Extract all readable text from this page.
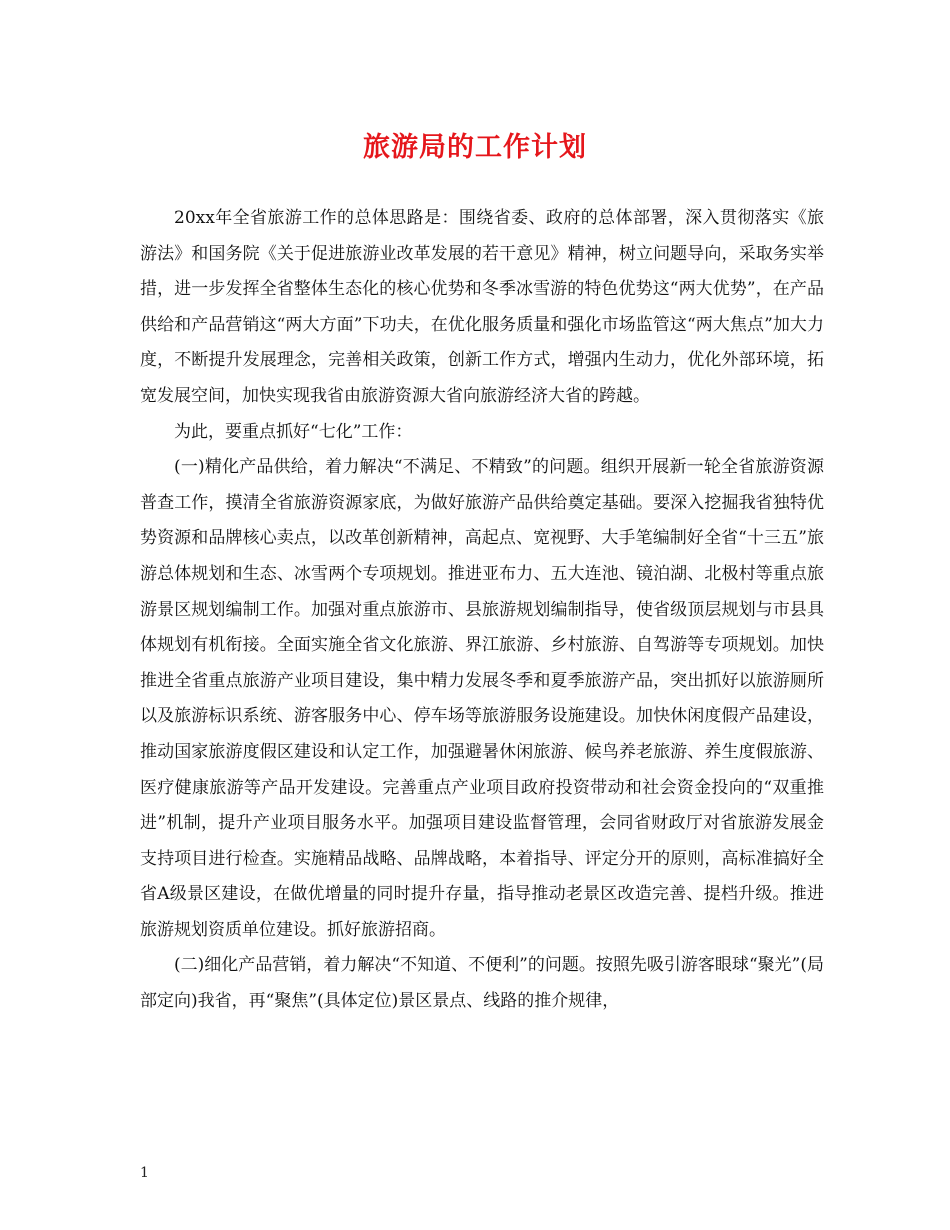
旅游局的工作计划

20xx年全省旅游工作的总体思路是：围绕省委、政府的总体部署，深入贯彻落实《旅游法》和国务院《关于促进旅游业改革发展的若干意见》精神，树立问题导向，采取务实举措，进一步发挥全省整体生态化的核心优势和冬季冰雪游的特色优势这“两大优势”，在产品供给和产品营销这“两大方面”下功夫，在优化服务质量和强化市场监管这“两大焦点”加大力度，不断提升发展理念，完善相关政策，创新工作方式，增强内生动力，优化外部环境，拓宽发展空间，加快实现我省由旅游资源大省向旅游经济大省的跨越。

为此，要重点抓好“七化”工作：

(一)精化产品供给，着力解决“不满足、不精致”的问题。组织开展新一轮全省旅游资源普查工作，摸清全省旅游资源家底，为做好旅游产品供给奠定基础。要深入挖掘我省独特优势资源和品牌核心卖点，以改革创新精神，高起点、宽视野、大手笔编制好全省“十三五”旅游总体规划和生态、冰雪两个专项规划。推进亚布力、五大连池、镜泊湖、北极村等重点旅游景区规划编制工作。加强对重点旅游市、县旅游规划编制指导，使省级顶层规划与市县具体规划有机衔接。全面实施全省文化旅游、界江旅游、乡村旅游、自驾游等专项规划。加快推进全省重点旅游产业项目建设，集中精力发展冬季和夏季旅游产品，突出抓好以旅游厕所以及旅游标识系统、游客服务中心、停车场等旅游服务设施建设。加快休闲度假产品建设，推动国家旅游度假区建设和认定工作，加强避暑休闲旅游、候鸟养老旅游、养生度假旅游、医疗健康旅游等产品开发建设。完善重点产业项目政府投资带动和社会资金投向的“双重推进”机制，提升产业项目服务水平。加强项目建设监督管理，会同省财政厅对省旅游发展金支持项目进行检查。实施精品战略、品牌战略，本着指导、评定分开的原则，高标准搞好全省A级景区建设，在做优增量的同时提升存量，指导推动老景区改造完善、提档升级。推进旅游规划资质单位建设。抓好旅游招商。

(二)细化产品营销，着力解决“不知道、不便利”的问题。按照先吸引游客眼球“聚光”(局部定向)我省，再“聚焦”(具体定位)景区景点、线路的推介规律，

1
